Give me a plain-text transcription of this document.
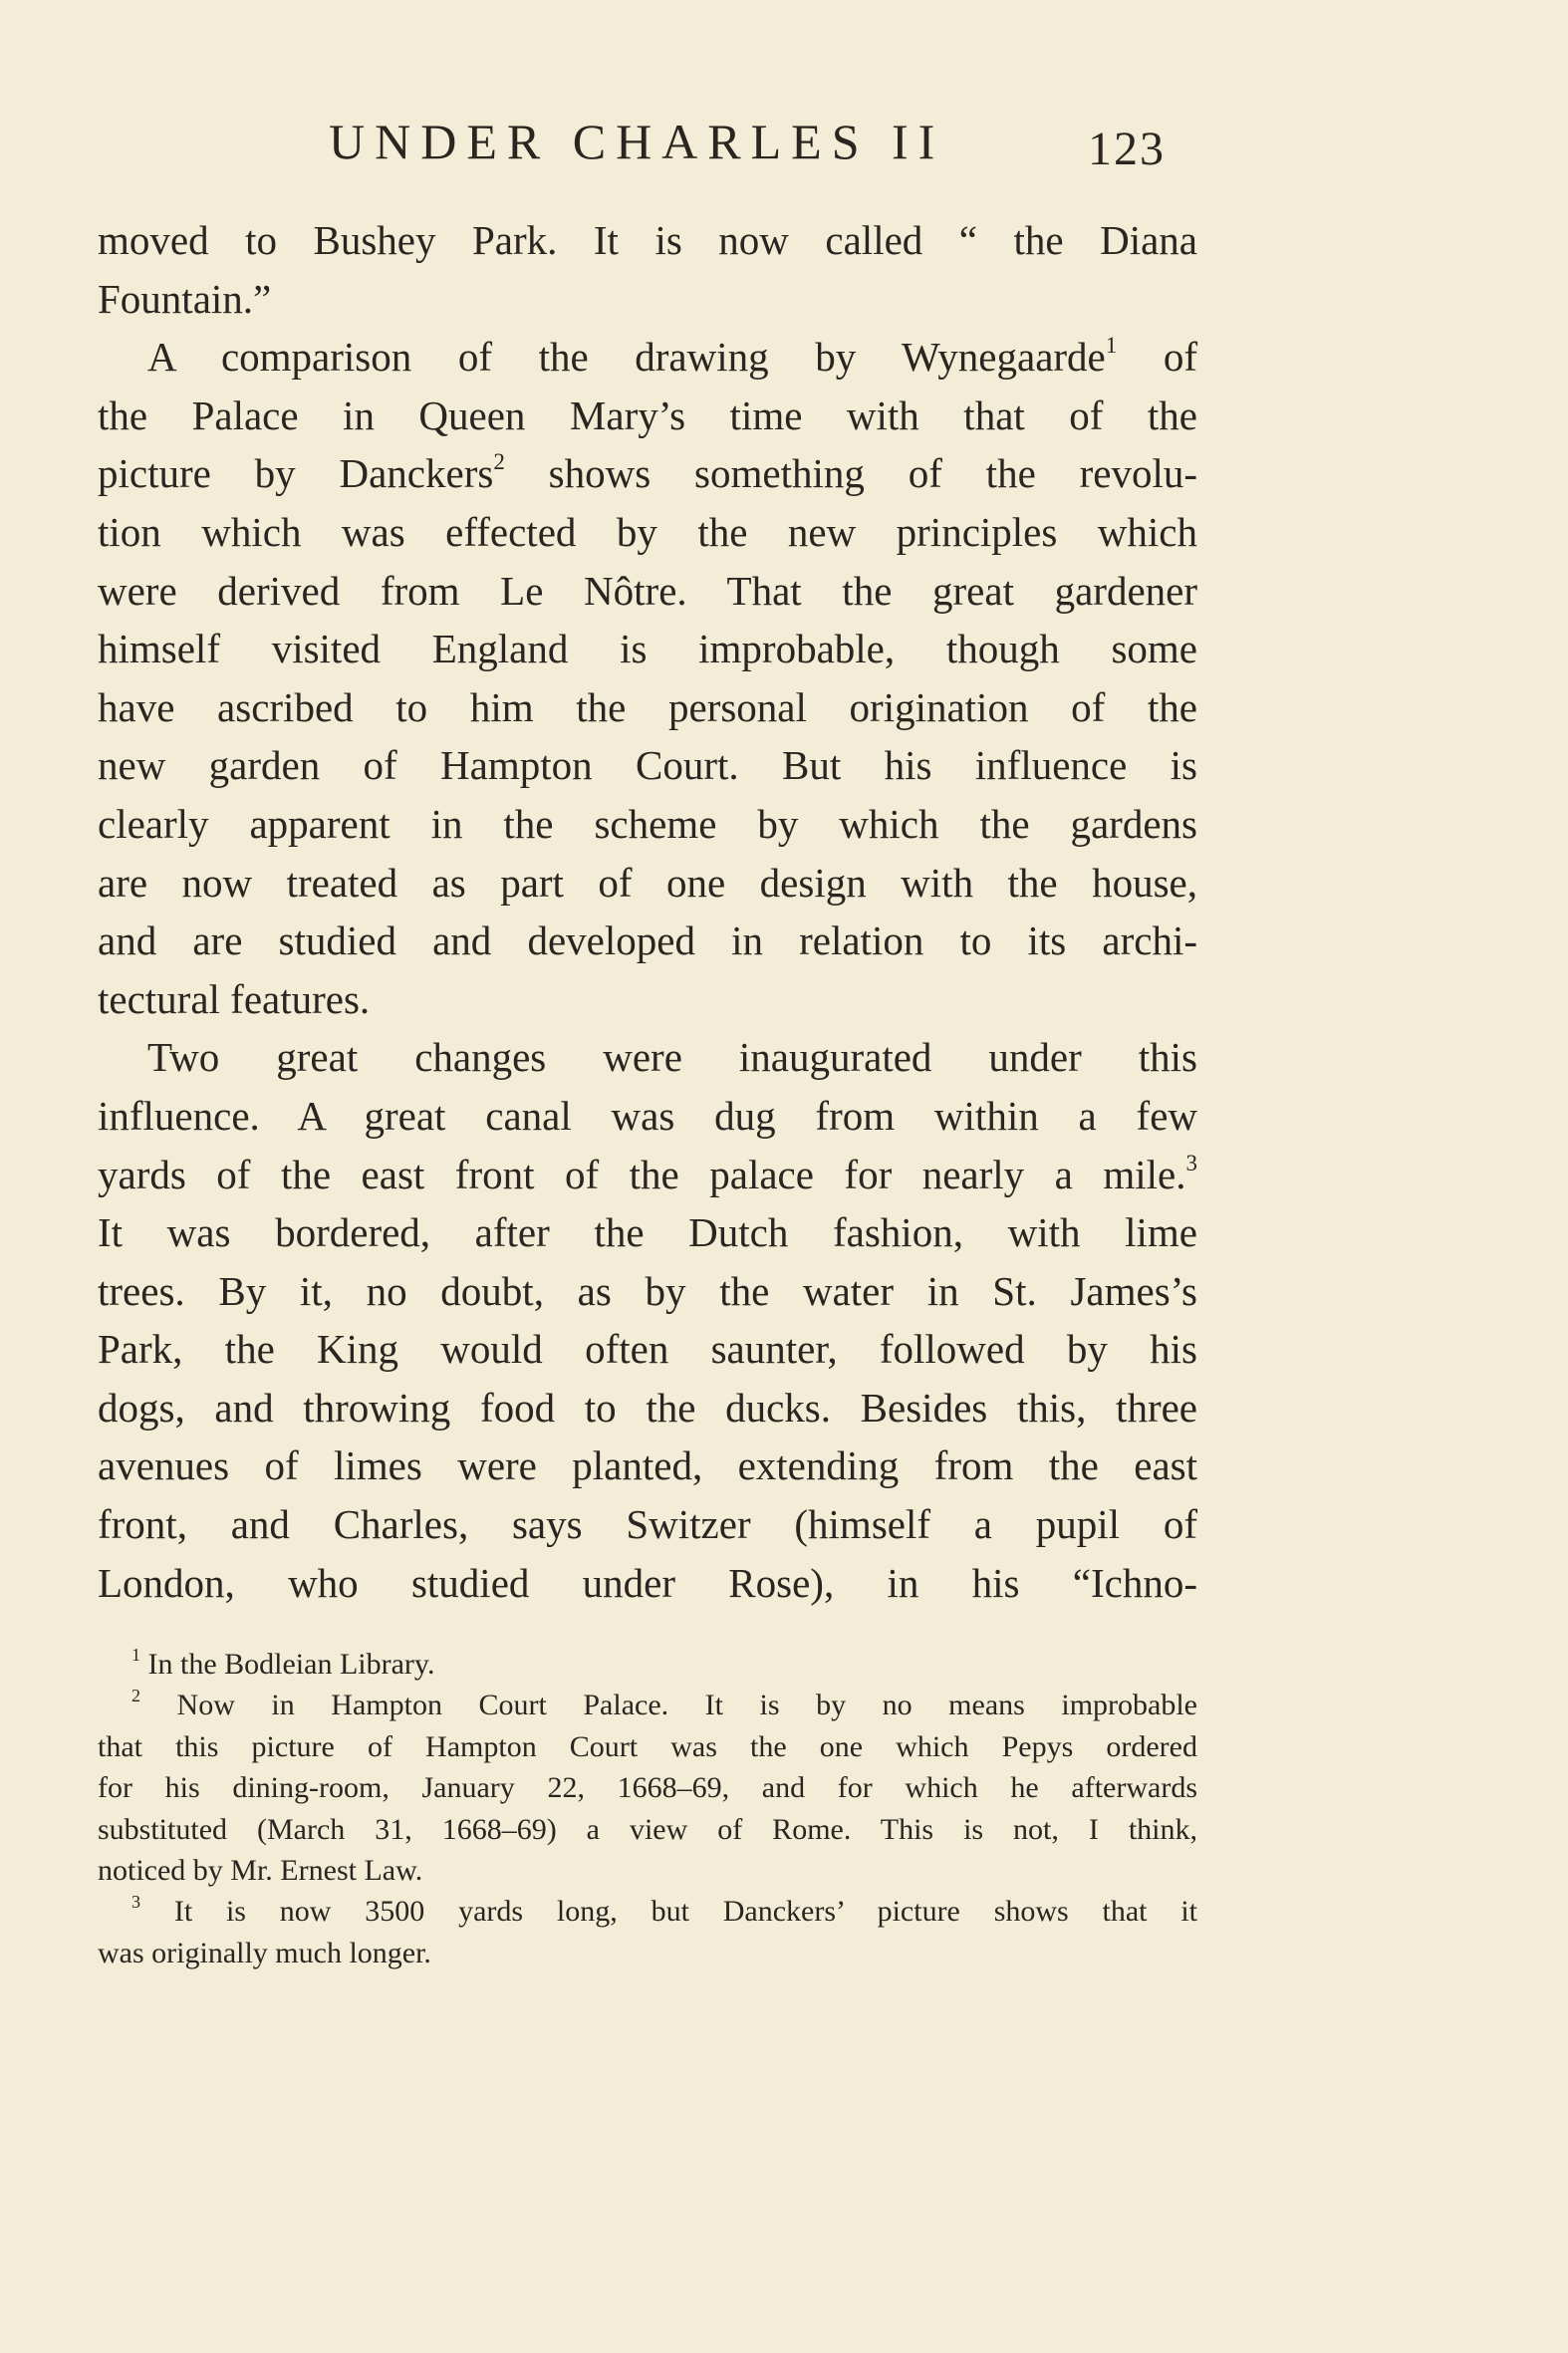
UNDER CHARLES II	123
moved to Bushey Park. It is now called “ the Diana
Fountain.”
A comparison of the drawing by Wynegaarde$^1$ of
the Palace in Queen Mary’s time with that of the
picture by Danckers$^2$ shows something of the revolu-
tion which was effected by the new principles which
were derived from Le Nôtre. That the great gardener
himself visited England is improbable, though some
have ascribed to him the personal origination of the
new garden of Hampton Court. But his influence is
clearly apparent in the scheme by which the gardens
are now treated as part of one design with the house,
and are studied and developed in relation to its archi-
tectural features.
Two great changes were inaugurated under this
influence. A great canal was dug from within a few
yards of the east front of the palace for nearly a mile.$^3$
It was bordered, after the Dutch fashion, with lime
trees. By it, no doubt, as by the water in St. James’s
Park, the King would often saunter, followed by his
dogs, and throwing food to the ducks. Besides this, three
avenues of limes were planted, extending from the east
front, and Charles, says Switzer (himself a pupil of
London, who studied under Rose), in his “Ichno-
$^1$ In the Bodleian Library.
$^2$ Now in Hampton Court Palace. It is by no means improbable
that this picture of Hampton Court was the one which Pepys ordered
for his dining-room, January 22, 1668–69, and for which he afterwards
substituted (March 31, 1668–69) a view of Rome. This is not, I think,
noticed by Mr. Ernest Law.
$^3$ It is now 3500 yards long, but Danckers’ picture shows that it
was originally much longer.
